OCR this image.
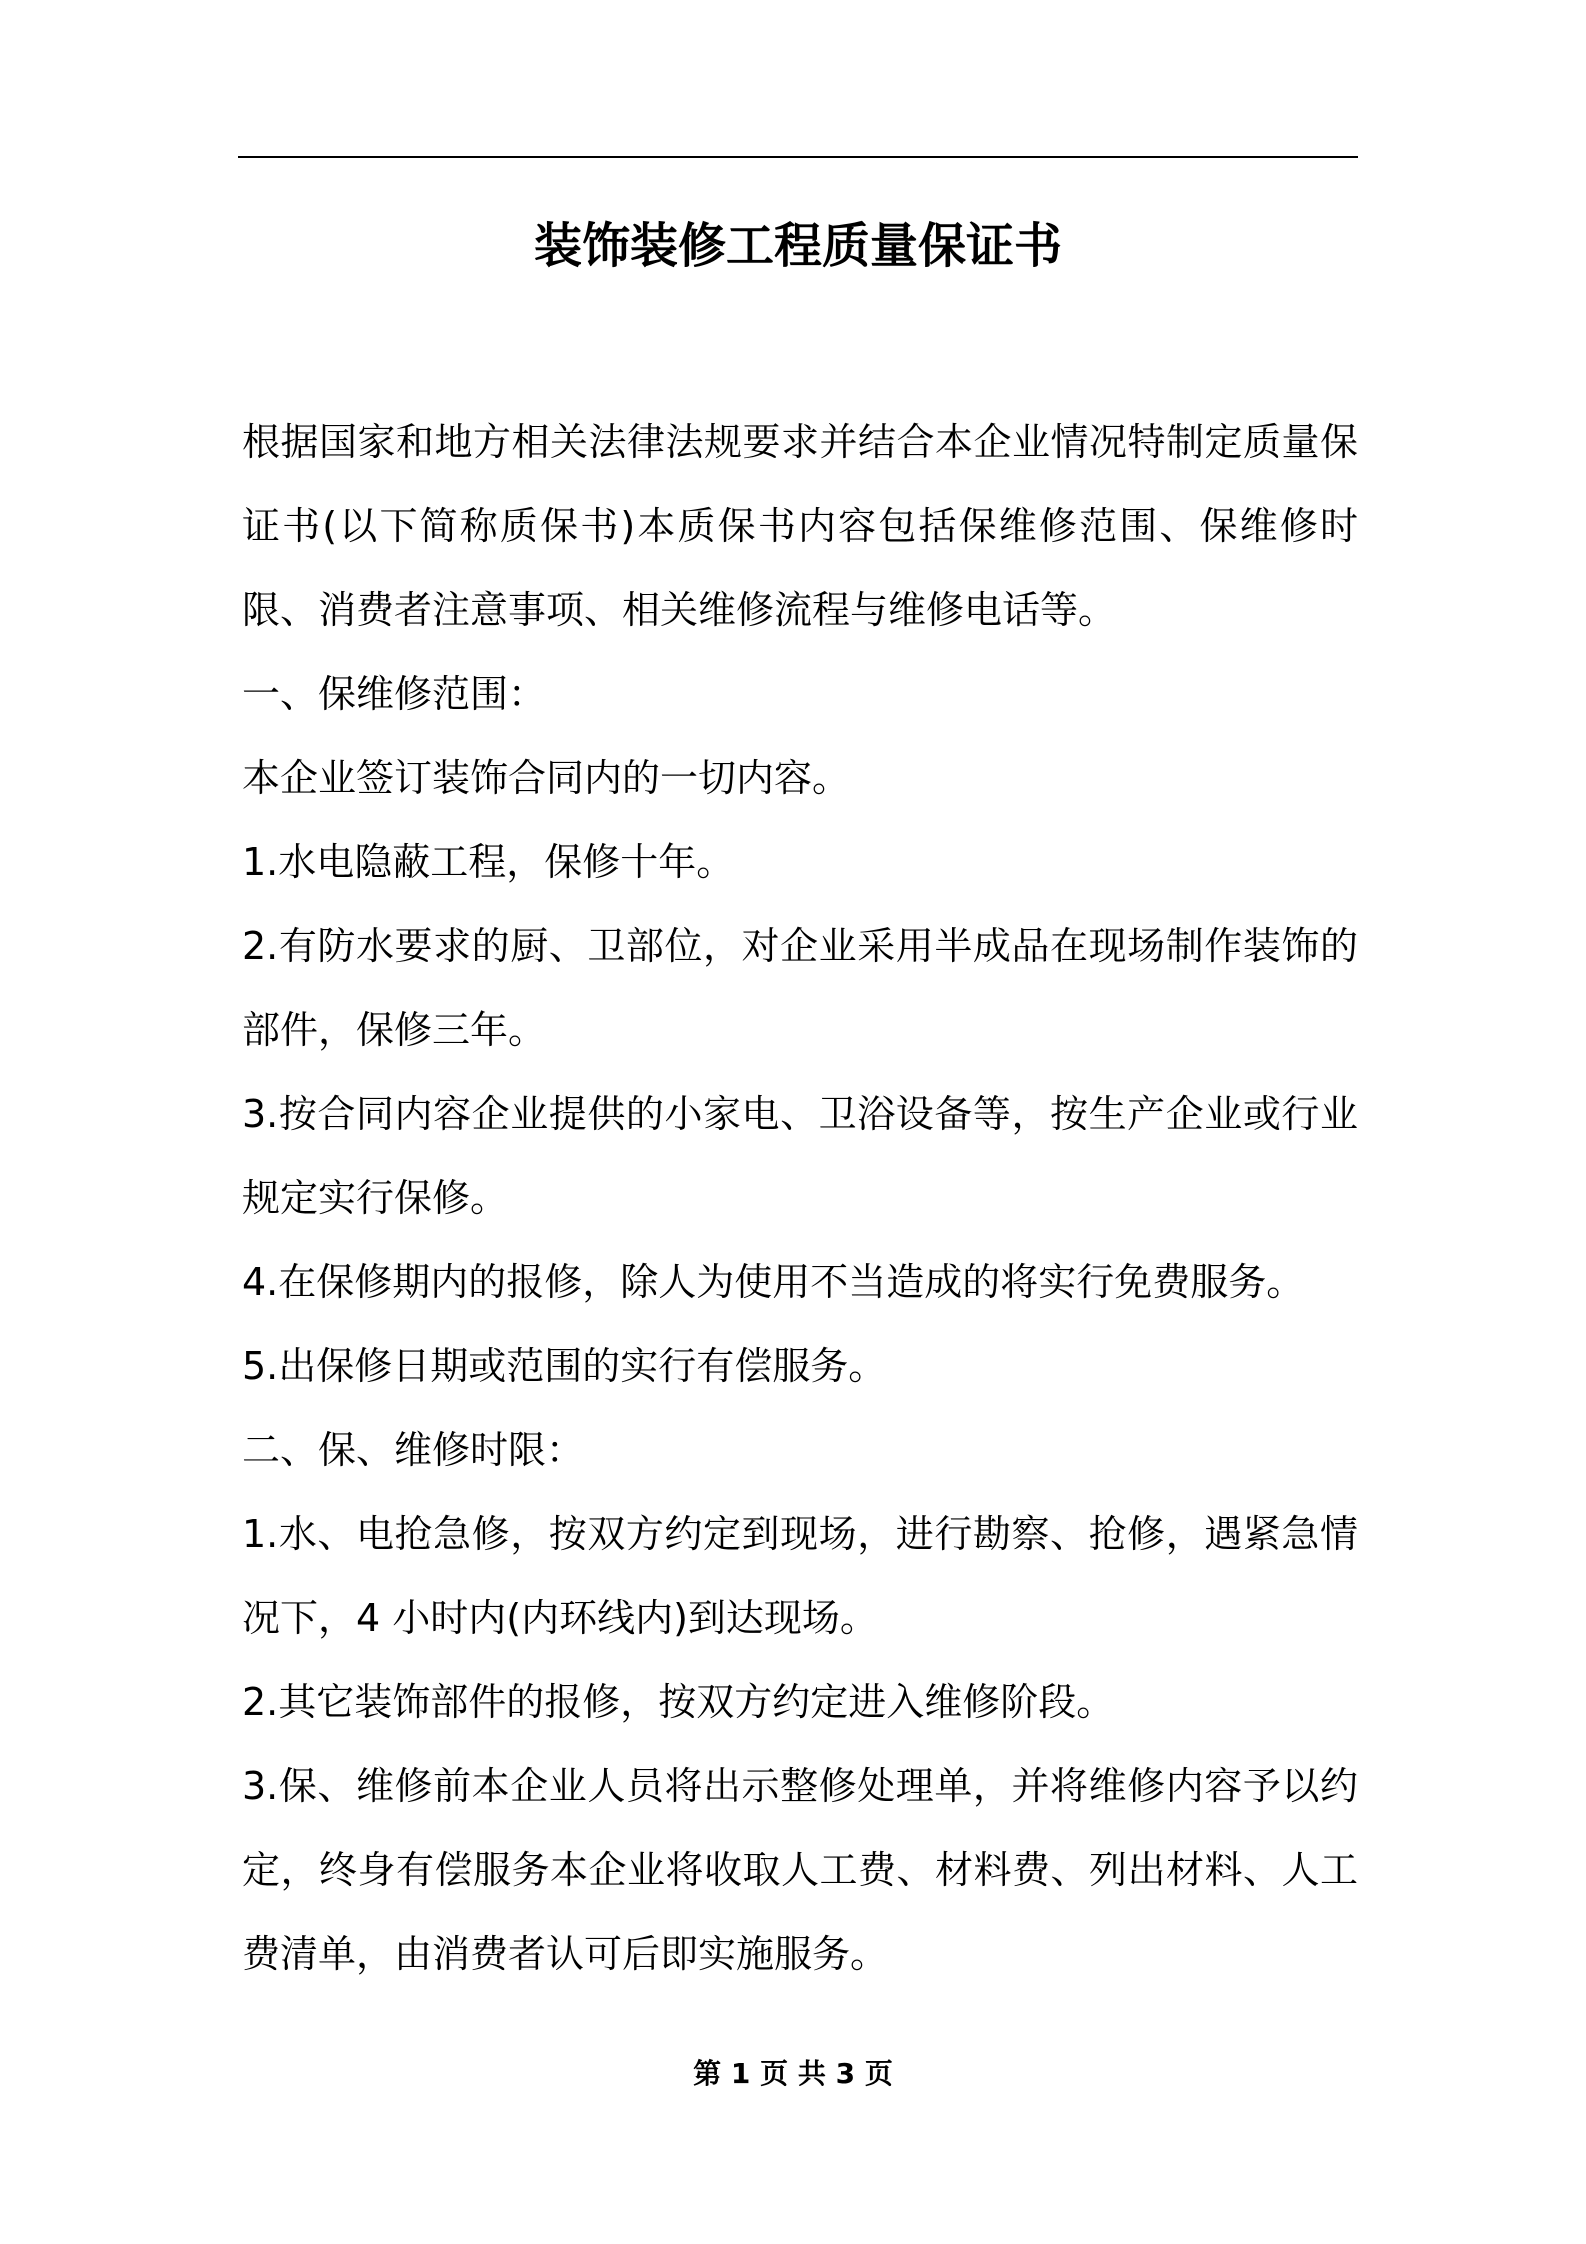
装饰装修工程质量保证书

根据国家和地方相关法律法规要求并结合本企业情况特制定质量保证书(以下简称质保书)本质保书内容包括保维修范围、保维修时限、消费者注意事项、相关维修流程与维修电话等。

一、保维修范围：

本企业签订装饰合同内的一切内容。

1.水电隐蔽工程，保修十年。

2.有防水要求的厨、卫部位，对企业采用半成品在现场制作装饰的部件，保修三年。

3.按合同内容企业提供的小家电、卫浴设备等，按生产企业或行业规定实行保修。

4.在保修期内的报修，除人为使用不当造成的将实行免费服务。

5.出保修日期或范围的实行有偿服务。

二、保、维修时限：

1.水、电抢急修，按双方约定到现场，进行勘察、抢修，遇紧急情况下，4 小时内(内环线内)到达现场。

2.其它装饰部件的报修，按双方约定进入维修阶段。

3.保、维修前本企业人员将出示整修处理单，并将维修内容予以约定，终身有偿服务本企业将收取人工费、材料费、列出材料、人工费清单，由消费者认可后即实施服务。

第 1 页 共 3 页
